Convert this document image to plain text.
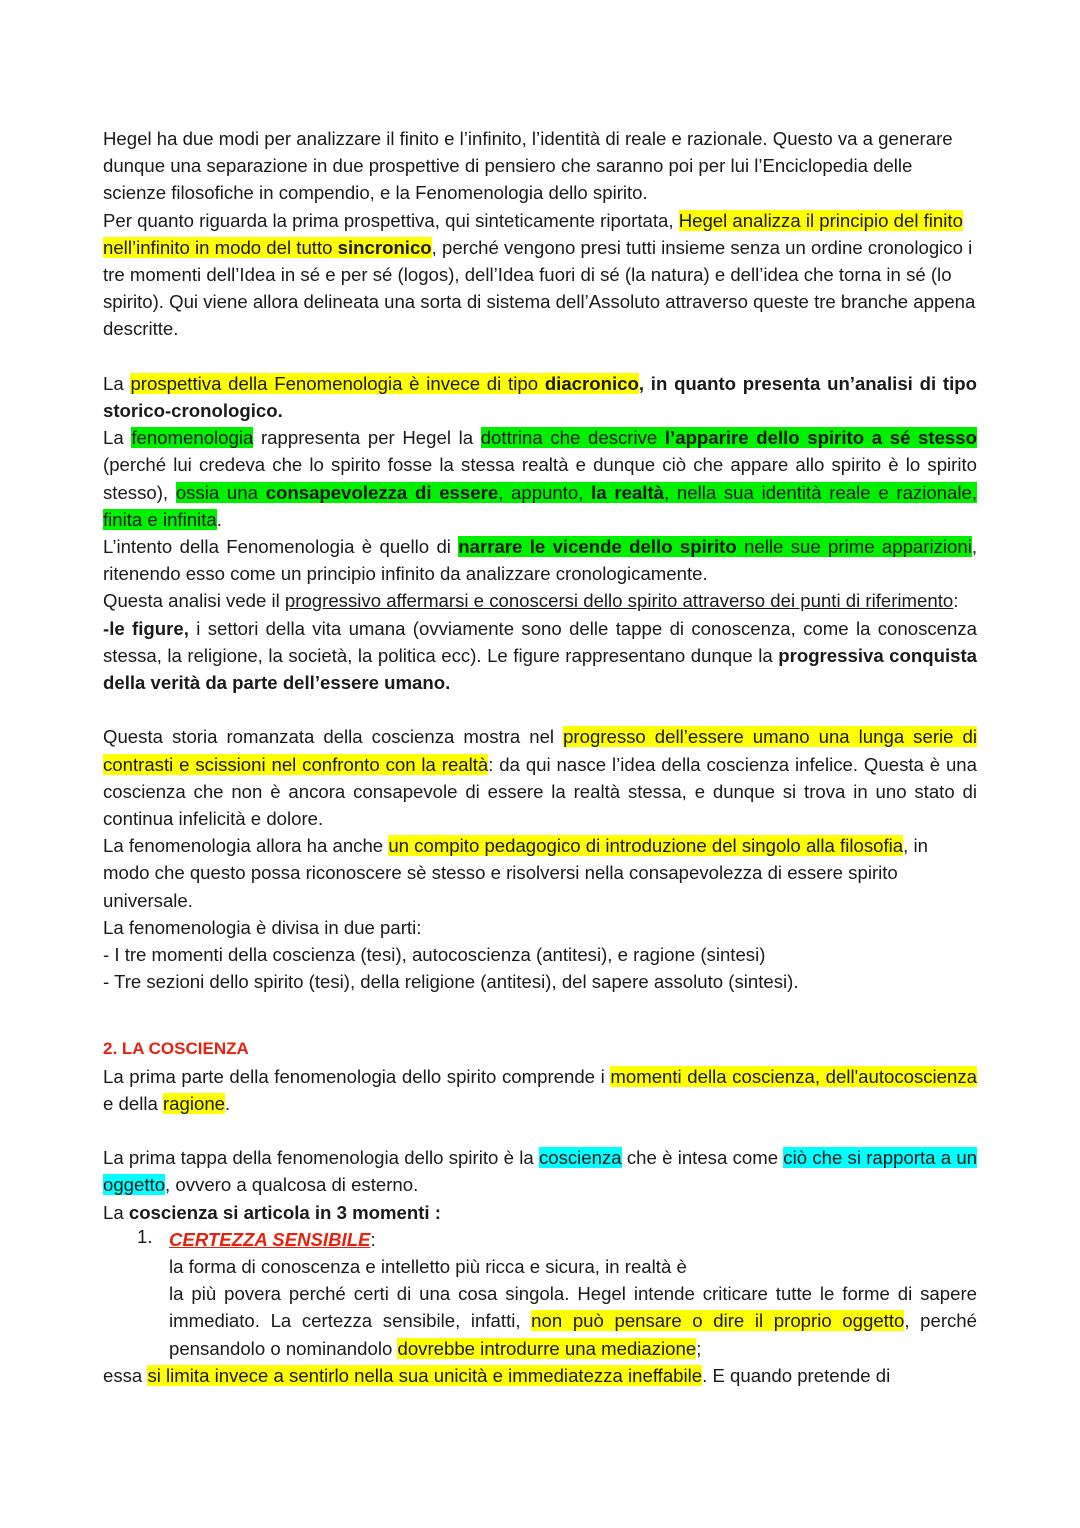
Hegel ha due modi per analizzare il finito e l’infinito, l’identità di reale e razionale. Questo va a generare dunque una separazione in due prospettive di pensiero che saranno poi per lui l’Enciclopedia delle scienze filosofiche in compendio, e la Fenomenologia dello spirito.

Per quanto riguarda la prima prospettiva, qui sinteticamente riportata, Hegel analizza il principio del finito nell’infinito in modo del tutto sincronico, perché vengono presi tutti insieme senza un ordine cronologico i tre momenti dell’Idea in sé e per sé (logos), dell’Idea fuori di sé (la natura) e dell’idea che torna in sé (lo spirito). Qui viene allora delineata una sorta di sistema dell’Assoluto attraverso queste tre branche appena descritte.

La prospettiva della Fenomenologia è invece di tipo diacronico, in quanto presenta un’analisi di tipo storico-cronologico.

La fenomenologia rappresenta per Hegel la dottrina che descrive l’apparire dello spirito a sé stesso (perché lui credeva che lo spirito fosse la stessa realtà e dunque ciò che appare allo spirito è lo spirito stesso), ossia una consapevolezza di essere, appunto, la realtà, nella sua identità reale e razionale, finita e infinita.

L’intento della Fenomenologia è quello di narrare le vicende dello spirito nelle sue prime apparizioni, ritenendo esso come un principio infinito da analizzare cronologicamente.

Questa analisi vede il progressivo affermarsi e conoscersi dello spirito attraverso dei punti di riferimento:

-le figure, i settori della vita umana (ovviamente sono delle tappe di conoscenza, come la conoscenza stessa, la religione, la società, la politica ecc). Le figure rappresentano dunque la progressiva conquista della verità da parte dell’essere umano.

Questa storia romanzata della coscienza mostra nel progresso dell’essere umano una lunga serie di contrasti e scissioni nel confronto con la realtà: da qui nasce l’idea della coscienza infelice. Questa è una coscienza che non è ancora consapevole di essere la realtà stessa, e dunque si trova in uno stato di continua infelicità e dolore.

La fenomenologia allora ha anche un compito pedagogico di introduzione del singolo alla filosofia, in modo che questo possa riconoscere sè stesso e risolversi nella consapevolezza di essere spirito universale.

La fenomenologia è divisa in due parti:

- I tre momenti della coscienza (tesi), autocoscienza (antitesi), e ragione (sintesi)

- Tre sezioni dello spirito (tesi), della religione (antitesi), del sapere assoluto (sintesi).

2. LA COSCIENZA

La prima parte della fenomenologia dello spirito comprende i momenti della coscienza, dell'autocoscienza e della ragione.

La prima tappa della fenomenologia dello spirito è la coscienza che è intesa come ciò che si rapporta a un oggetto, ovvero a qualcosa di esterno.

La coscienza si articola in 3 momenti :

1. CERTEZZA SENSIBILE:

la forma di conoscenza e intelletto più ricca e sicura, in realtà è

la più povera perché certi di una cosa singola. Hegel intende criticare tutte le forme di sapere immediato. La certezza sensibile, infatti, non può pensare o dire il proprio oggetto, perché pensandolo o nominandolo dovrebbe introdurre una mediazione;

essa si limita invece a sentirlo nella sua unicità e immediatezza ineffabile. E quando pretende di
